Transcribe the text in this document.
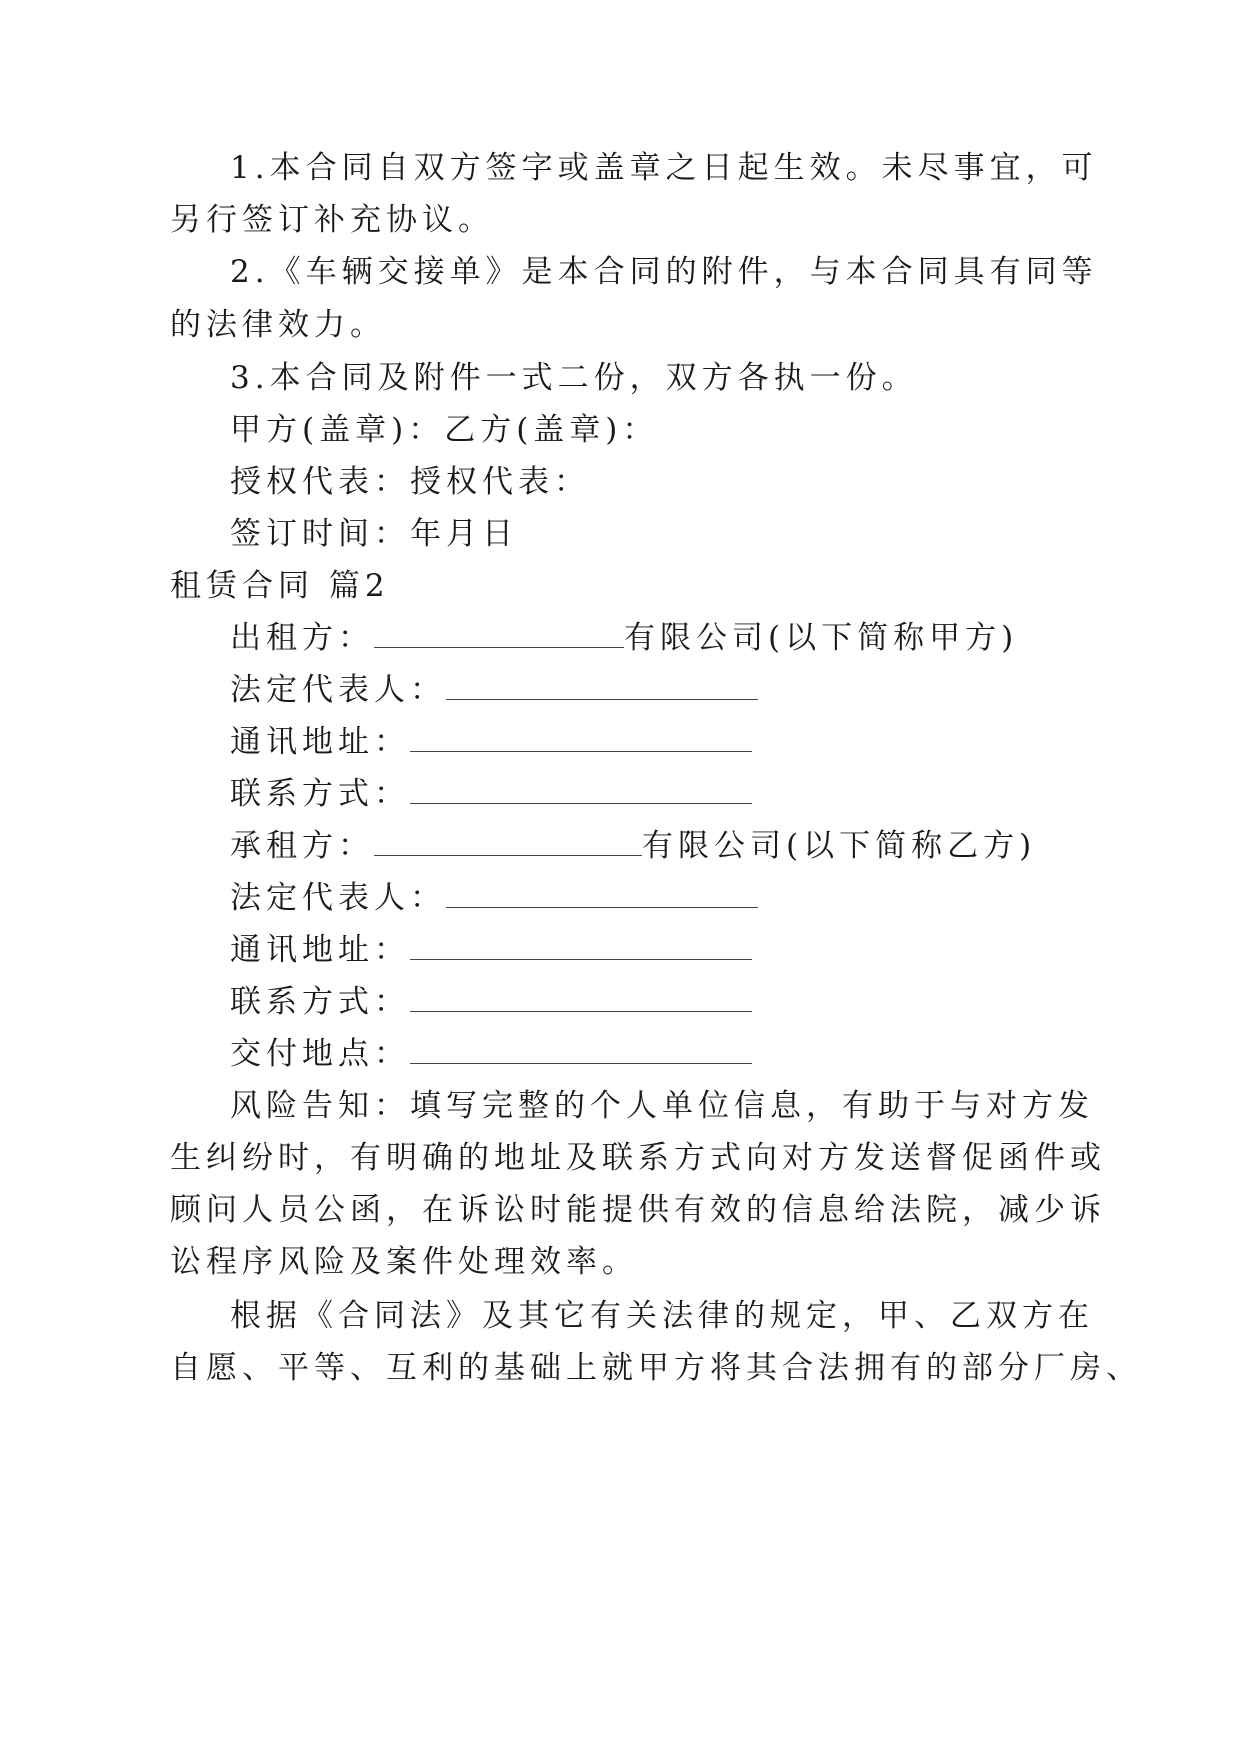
1.本合同自双方签字或盖章之日起生效。未尽事宜，可
另行签订补充协议。
2.《车辆交接单》是本合同的附件，与本合同具有同等
的法律效力。
3.本合同及附件一式二份，双方各执一份。
甲方(盖章)：乙方(盖章)：
授权代表：授权代表：
签订时间：年月日
租赁合同 篇2
出租方：	有限公司(以下简称甲方)
法定代表人：
通讯地址：
联系方式：
承租方：	有限公司(以下简称乙方)
法定代表人：
通讯地址：
联系方式：
交付地点：
风险告知：填写完整的个人单位信息，有助于与对方发
生纠纷时，有明确的地址及联系方式向对方发送督促函件或
顾问人员公函，在诉讼时能提供有效的信息给法院，减少诉
讼程序风险及案件处理效率。
根据《合同法》及其它有关法律的规定，甲、乙双方在
自愿、平等、互利的基础上就甲方将其合法拥有的部分厂房、
